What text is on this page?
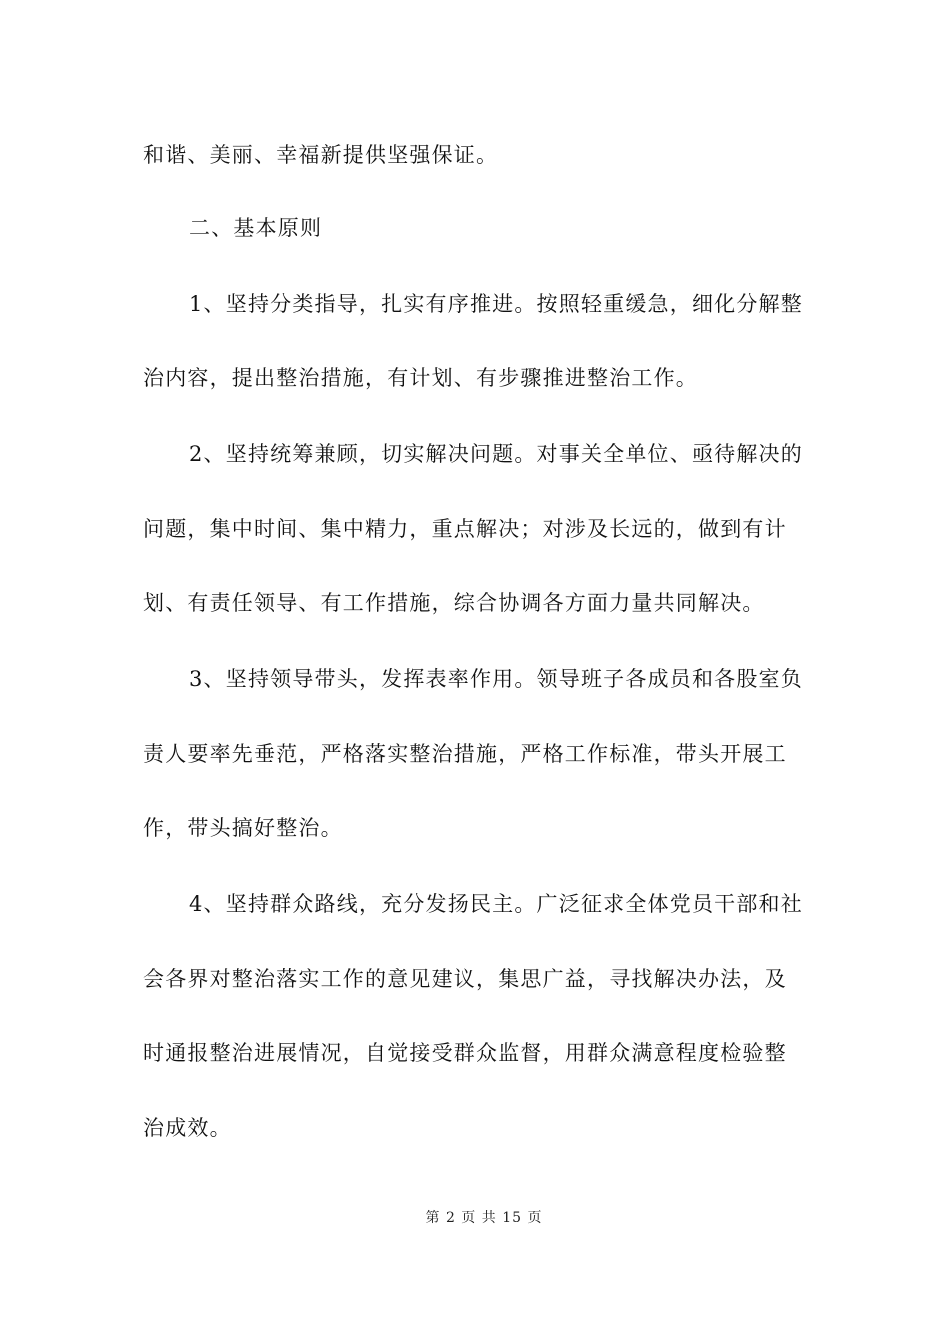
和谐、美丽、幸福新提供坚强保证。
二、基本原则
1、坚持分类指导，扎实有序推进。按照轻重缓急，细化分解整
治内容，提出整治措施，有计划、有步骤推进整治工作。
2、坚持统筹兼顾，切实解决问题。对事关全单位、亟待解决的
问题，集中时间、集中精力，重点解决；对涉及长远的，做到有计
划、有责任领导、有工作措施，综合协调各方面力量共同解决。
3、坚持领导带头，发挥表率作用。领导班子各成员和各股室负
责人要率先垂范，严格落实整治措施，严格工作标准，带头开展工
作，带头搞好整治。
4、坚持群众路线，充分发扬民主。广泛征求全体党员干部和社
会各界对整治落实工作的意见建议，集思广益，寻找解决办法，及
时通报整治进展情况，自觉接受群众监督，用群众满意程度检验整
治成效。
第 2 页 共 15 页
